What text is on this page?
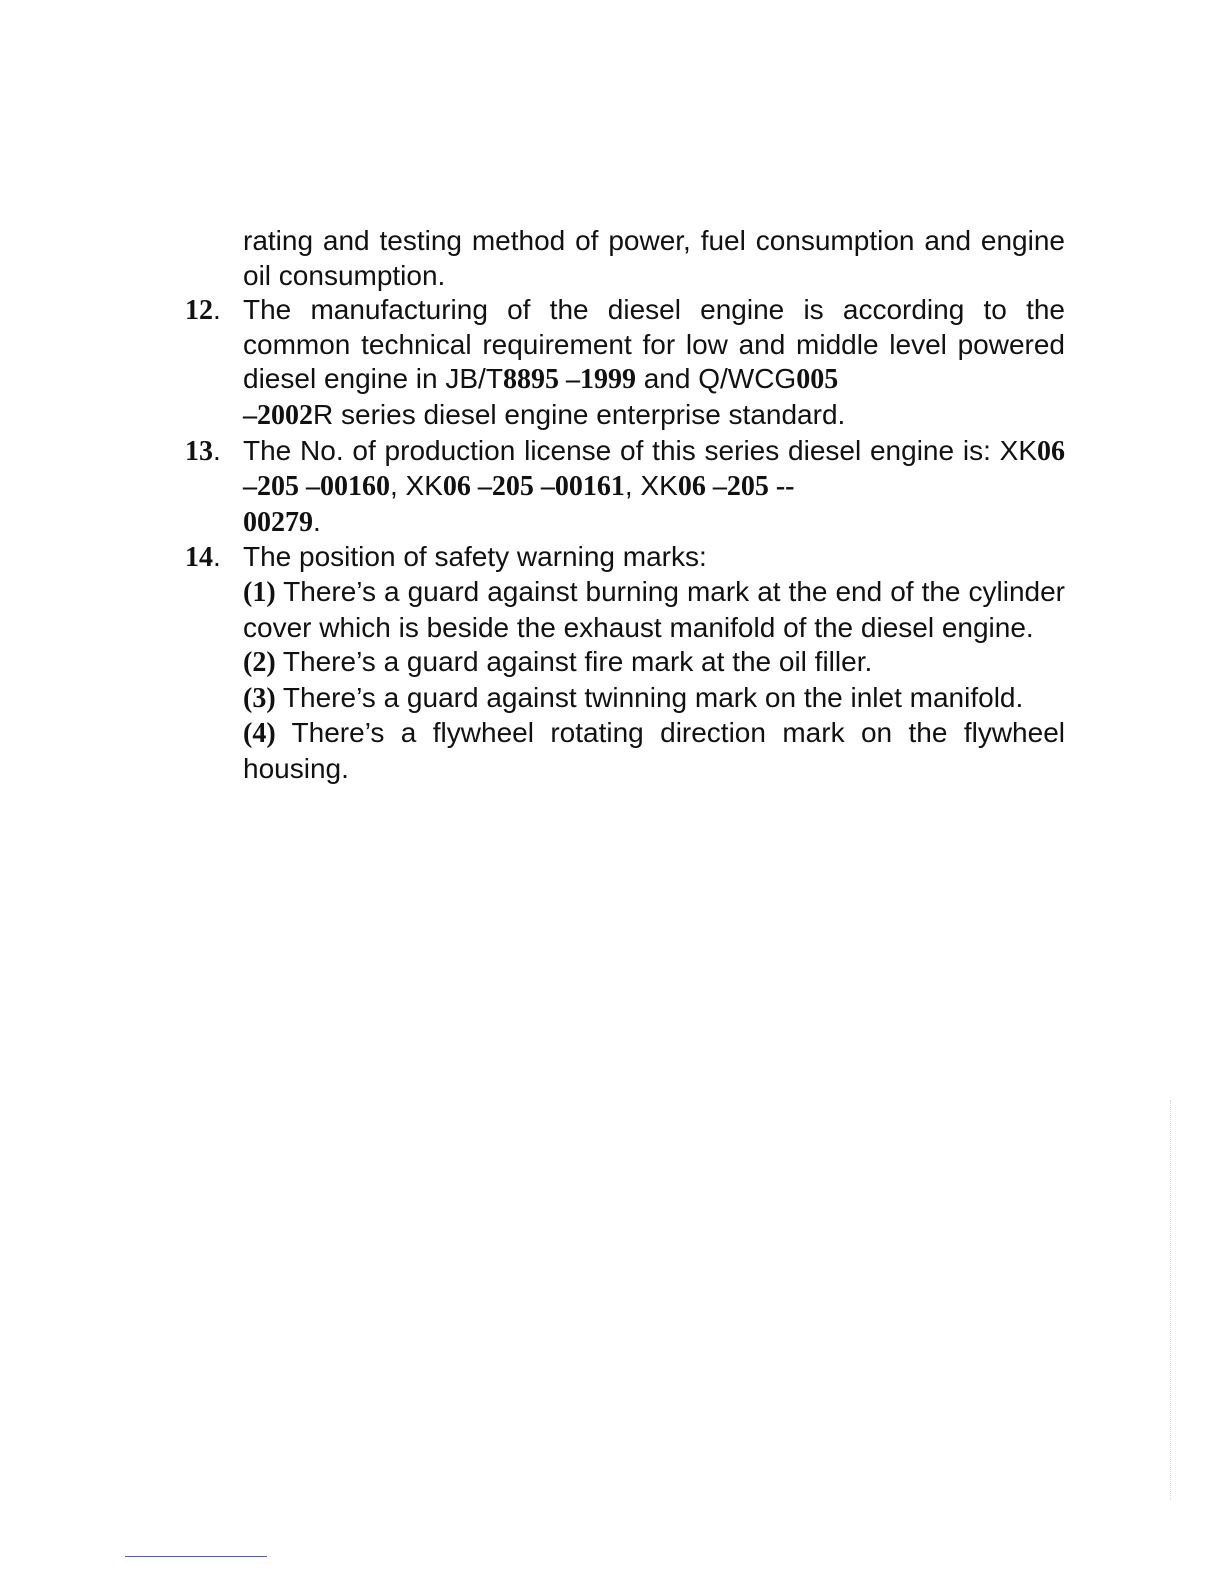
rating and testing method of power, fuel consumption and engine oil consumption.

12. The manufacturing of the diesel engine is according to the common technical requirement for low and middle level powered diesel engine in JB/T8895 –1999 and Q/WCG005
–2002R series diesel engine enterprise standard.

13. The No. of production license of this series diesel engine is: XK06 –205 –00160, XK06 –205 –00161, XK06 –205 --
00279.

14. The position of safety warning marks:
(1) There’s a guard against burning mark at the end of the cylinder cover which is beside the exhaust manifold of the diesel engine.
(2) There’s a guard against fire mark at the oil filler.
(3) There’s a guard against twinning mark on the inlet manifold.
(4) There’s a flywheel rotating direction mark on the flywheel housing.
